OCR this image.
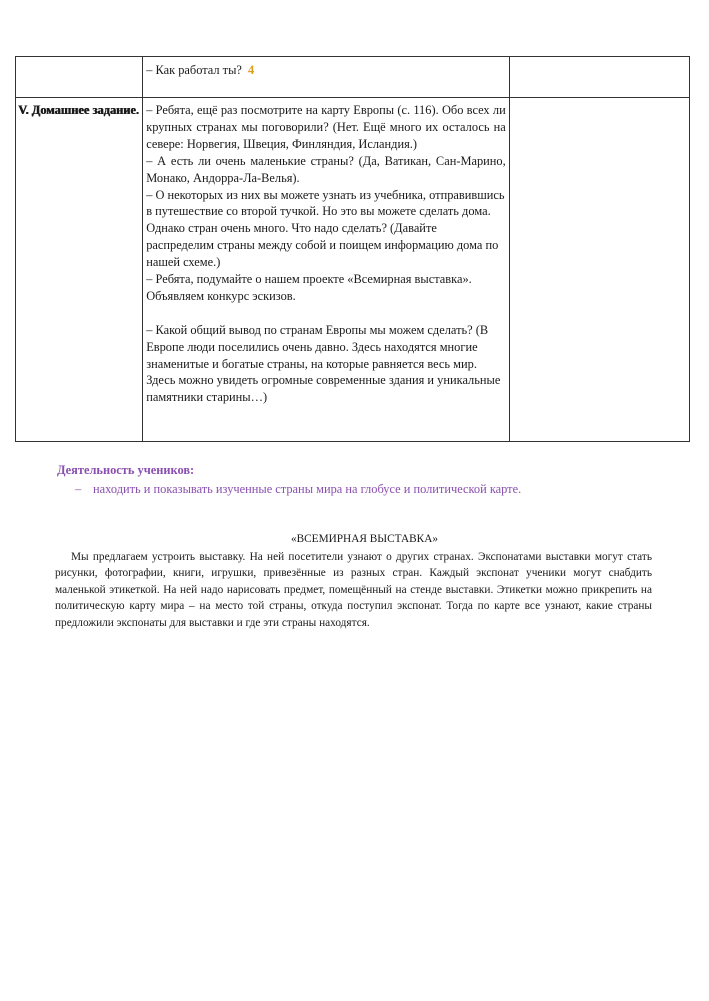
	– Как работал ты? 4	

V. Домашнее задание.	– Ребята, ещё раз посмотрите на карту Европы (с. 116). Обо всех ли крупных странах мы поговорили? (Нет. Ещё много их осталось на севере: Норвегия, Швеция, Финляндия, Исландия.)

– А есть ли очень маленькие страны? (Да, Ватикан, Сан-Марино, Монако, Андорра-Ла-Велья).

– О некоторых из них вы можете узнать из учебника, отправившись в путешествие со второй тучкой. Но это вы можете сделать дома. Однако стран очень много. Что надо сделать? (Давайте распределим страны между собой и поищем информацию дома по нашей схеме.)

– Ребята, подумайте о нашем проекте «Всемирная выставка». Объявляем конкурс эскизов.

– Какой общий вывод по странам Европы мы можем сделать? (В Европе люди поселились очень давно. Здесь находятся многие знаменитые и богатые страны, на которые равняется весь мир. Здесь можно увидеть огромные современные здания и уникальные памятники старины…)	

Деятельность учеников:

– находить и показывать изученные страны мира на глобусе и политической карте.

«ВСЕМИРНАЯ ВЫСТАВКА»

Мы предлагаем устроить выставку. На ней посетители узнают о других странах. Экспонатами выставки могут стать рисунки, фотографии, книги, игрушки, привезённые из разных стран. Каждый экспонат ученики могут снабдить маленькой этикеткой. На ней надо нарисовать предмет, помещённый на стенде выставки. Этикетки можно прикрепить на политическую карту мира – на место той страны, откуда поступил экспонат. Тогда по карте все узнают, какие страны предложили экспонаты для выставки и где эти страны находятся.
